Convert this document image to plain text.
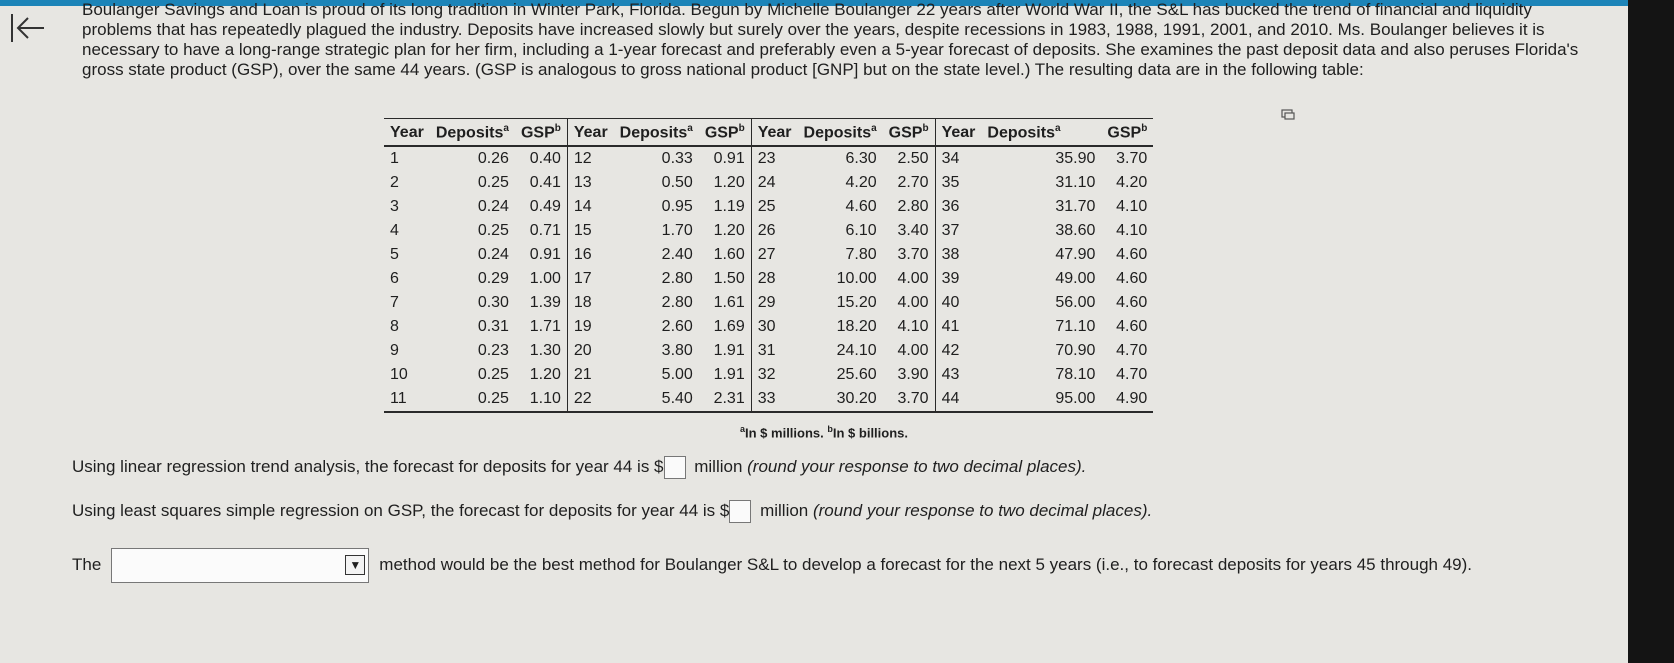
Boulanger Savings and Loan is proud of its long tradition in Winter Park, Florida. Begun by Michelle Boulanger 22 years after World War II, the S&L has bucked the trend of financial and liquidity problems that has repeatedly plagued the industry. Deposits have increased slowly but surely over the years, despite recessions in 1983, 1988, 1991, 2001, and 2010. Ms. Boulanger believes it is necessary to have a long-range strategic plan for her firm, including a 1-year forecast and preferably even a 5-year forecast of deposits. She examines the past deposit data and also peruses Florida's gross state product (GSP), over the same 44 years. (GSP is analogous to gross national product [GNP] but on the state level.) The resulting data are in the following table:

Year	Deposits$^a$	GSP$^b$	Year	Deposits$^a$	GSP$^b$	Year	Deposits$^a$	GSP$^b$	Year	Deposits$^a$	GSP$^b$
1	0.26	0.40	12	0.33	0.91	23	6.30	2.50	34	35.90	3.70
2	0.25	0.41	13	0.50	1.20	24	4.20	2.70	35	31.10	4.20
3	0.24	0.49	14	0.95	1.19	25	4.60	2.80	36	31.70	4.10
4	0.25	0.71	15	1.70	1.20	26	6.10	3.40	37	38.60	4.10
5	0.24	0.91	16	2.40	1.60	27	7.80	3.70	38	47.90	4.60
6	0.29	1.00	17	2.80	1.50	28	10.00	4.00	39	49.00	4.60
7	0.30	1.39	18	2.80	1.61	29	15.20	4.00	40	56.00	4.60
8	0.31	1.71	19	2.60	1.69	30	18.20	4.10	41	71.10	4.60
9	0.23	1.30	20	3.80	1.91	31	24.10	4.00	42	70.90	4.70
10	0.25	1.20	21	5.00	1.91	32	25.60	3.90	43	78.10	4.70
11	0.25	1.10	22	5.40	2.31	33	30.20	3.70	44	95.00	4.90
$^a$In $ millions. $^b$In $ billions.
Using linear regression trend analysis, the forecast for deposits for year 44 is $ million (round your response to two decimal places).
Using least squares simple regression on GSP, the forecast for deposits for year 44 is $ million (round your response to two decimal places).
The	▼ method would be the best method for Boulanger S&L to develop a forecast for the next 5 years (i.e., to forecast deposits for years 45 through 49).
